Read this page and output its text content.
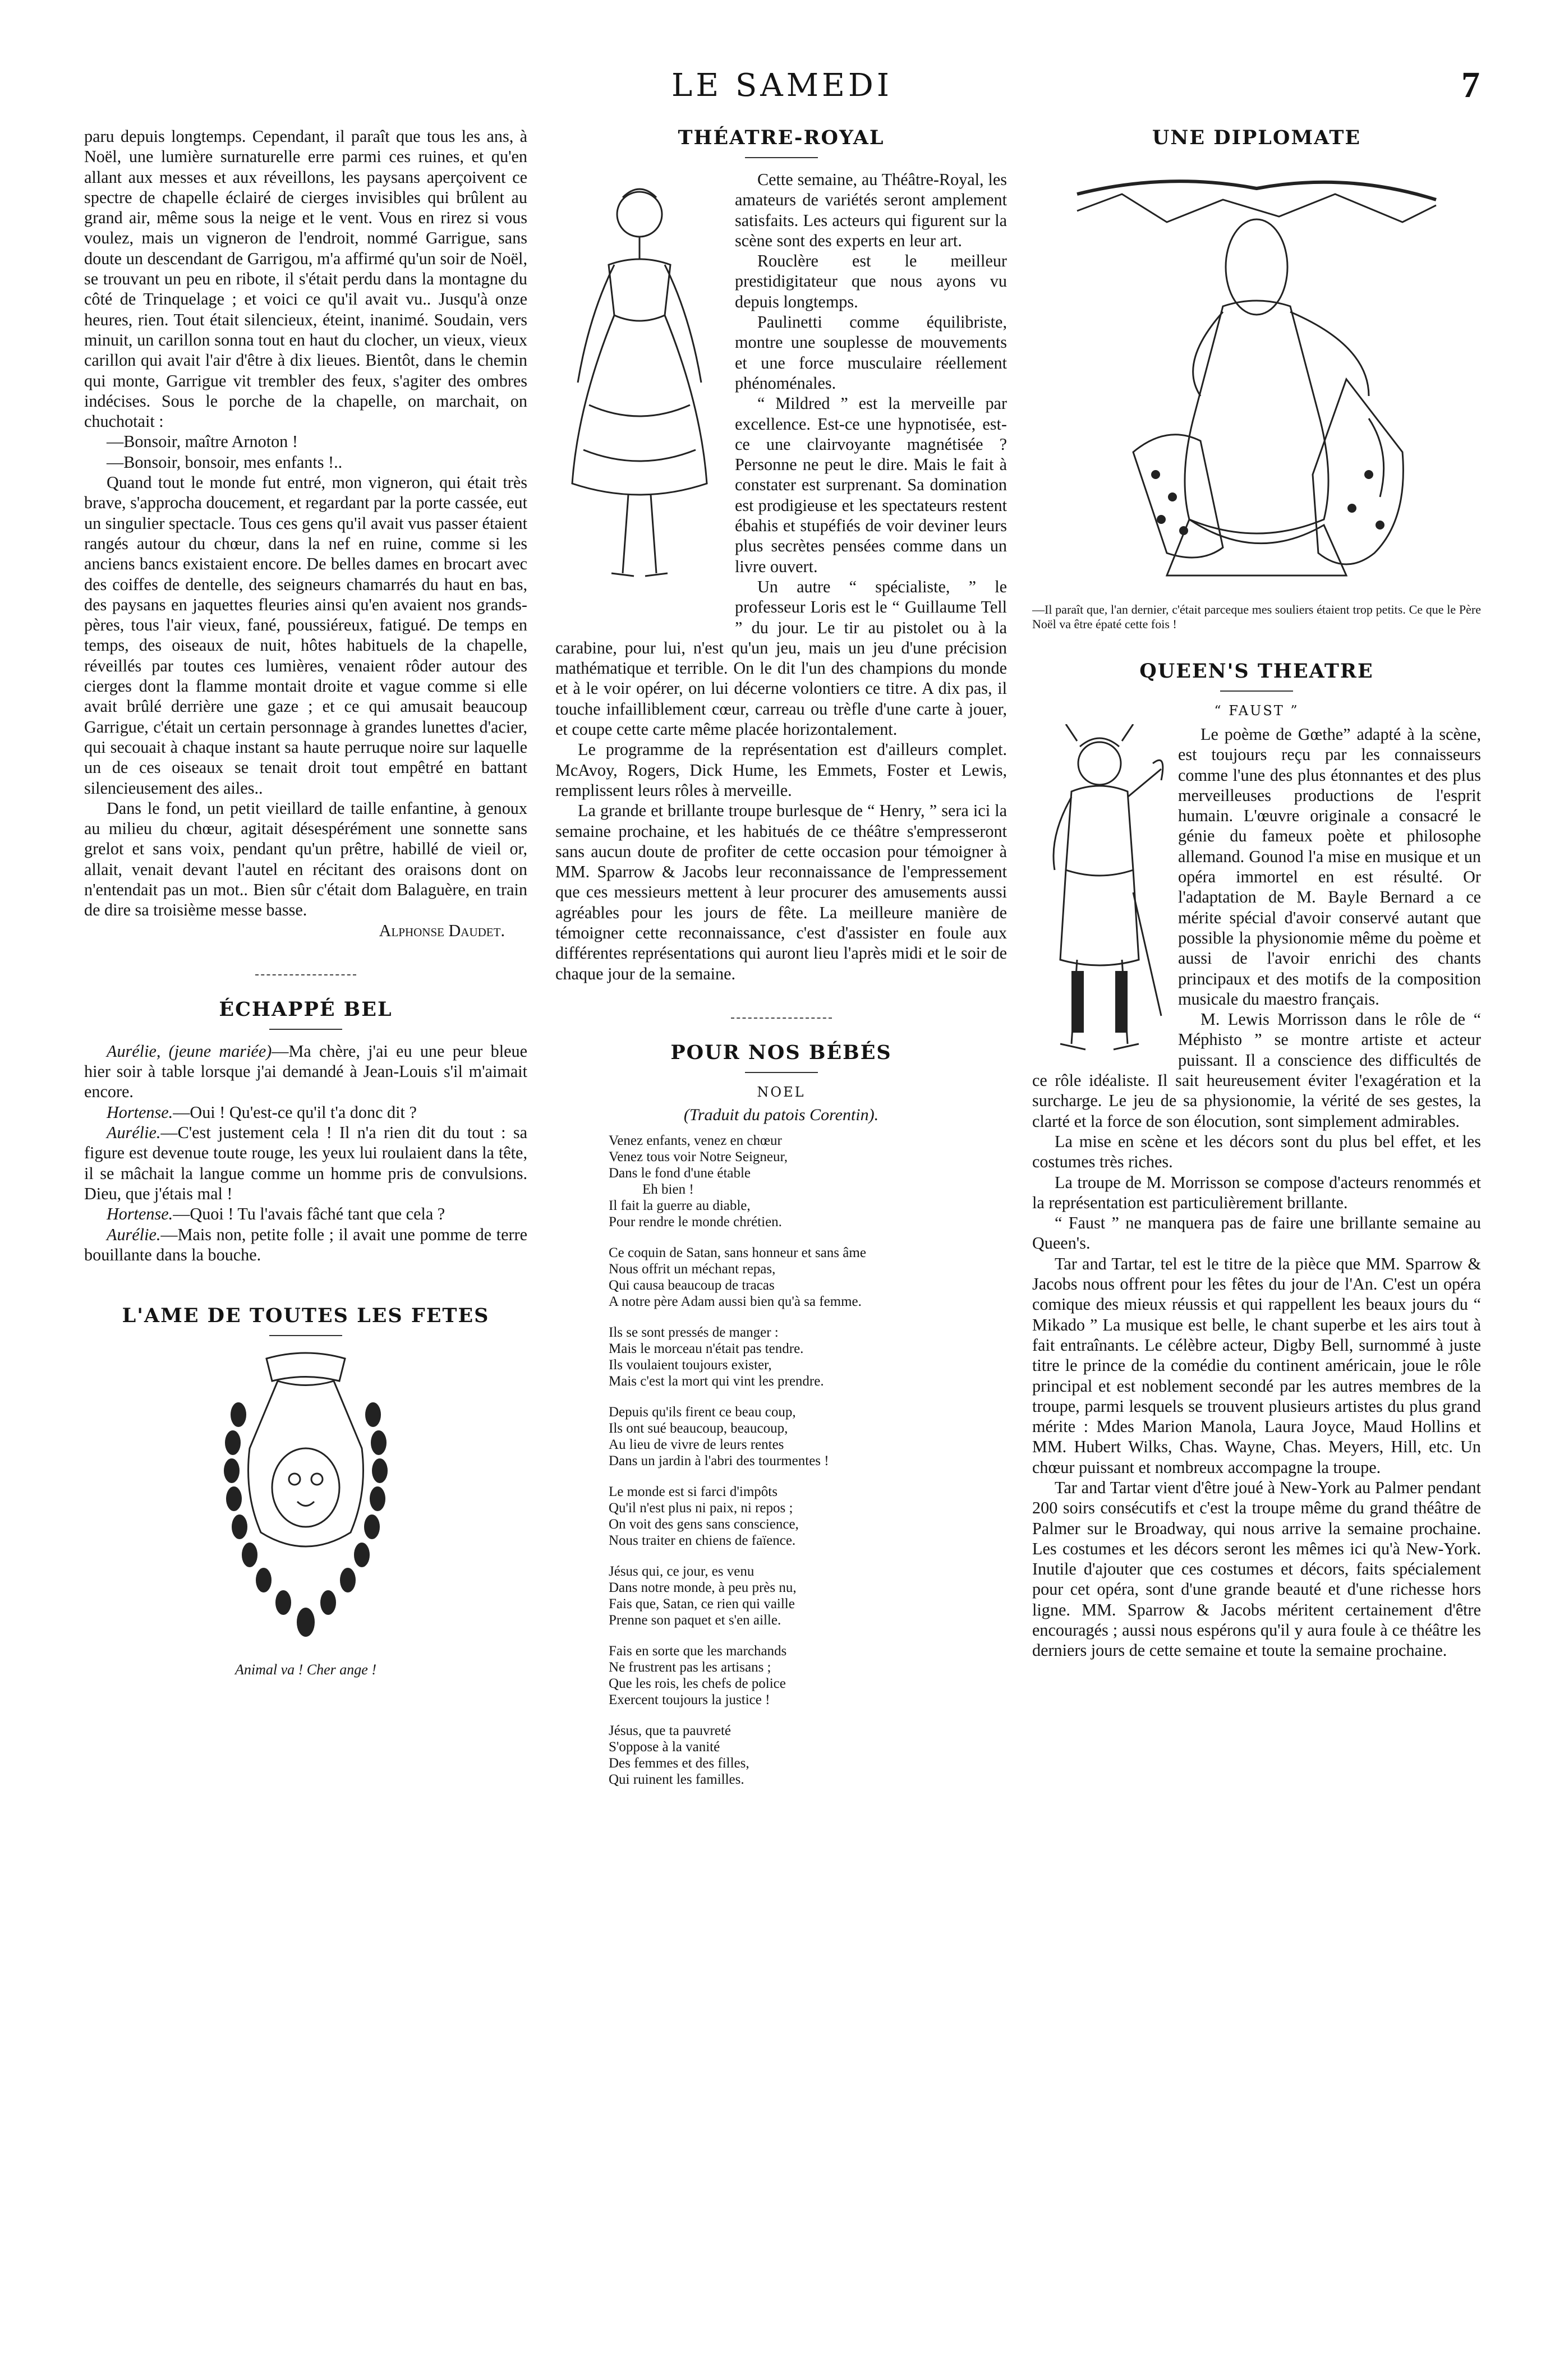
LE SAMEDI	7

paru depuis longtemps. Cependant, il paraît que tous les ans, à Noël, une lumière surnaturelle erre parmi ces ruines, et qu'en allant aux messes et aux réveillons, les paysans aperçoivent ce spectre de chapelle éclairé de cierges invisibles qui brûlent au grand air, même sous la neige et le vent. Vous en rirez si vous voulez, mais un vigneron de l'endroit, nommé Garrigue, sans doute un descendant de Garrigou, m'a affirmé qu'un soir de Noël, se trouvant un peu en ribote, il s'était perdu dans la montagne du côté de Trinquelage ; et voici ce qu'il avait vu.. Jusqu'à onze heures, rien. Tout était silencieux, éteint, inanimé. Soudain, vers minuit, un carillon sonna tout en haut du clocher, un vieux, vieux carillon qui avait l'air d'être à dix lieues. Bientôt, dans le chemin qui monte, Garrigue vit trembler des feux, s'agiter des ombres indécises. Sous le porche de la chapelle, on marchait, on chuchotait :

—Bonsoir, maître Arnoton !

—Bonsoir, bonsoir, mes enfants !..

Quand tout le monde fut entré, mon vigneron, qui était très brave, s'approcha doucement, et regardant par la porte cassée, eut un singulier spectacle. Tous ces gens qu'il avait vus passer étaient rangés autour du chœur, dans la nef en ruine, comme si les anciens bancs existaient encore. De belles dames en brocart avec des coiffes de dentelle, des seigneurs chamarrés du haut en bas, des paysans en jaquettes fleuries ainsi qu'en avaient nos grands-pères, tous l'air vieux, fané, poussiéreux, fatigué. De temps en temps, des oiseaux de nuit, hôtes habituels de la chapelle, réveillés par toutes ces lumières, venaient rôder autour des cierges dont la flamme montait droite et vague comme si elle avait brûlé derrière une gaze ; et ce qui amusait beaucoup Garrigue, c'était un certain personnage à grandes lunettes d'acier, qui secouait à chaque instant sa haute perruque noire sur laquelle un de ces oiseaux se tenait droit tout empêtré en battant silencieusement des ailes..

Dans le fond, un petit vieillard de taille enfantine, à genoux au milieu du chœur, agitait désespérément une sonnette sans grelot et sans voix, pendant qu'un prêtre, habillé de vieil or, allait, venait devant l'autel en récitant des oraisons dont on n'entendait pas un mot.. Bien sûr c'était dom Balaguère, en train de dire sa troisième messe basse.

Alphonse Daudet.

ÉCHAPPÉ BEL

Aurélie, (jeune mariée)—Ma chère, j'ai eu une peur bleue hier soir à table lorsque j'ai demandé à Jean-Louis s'il m'aimait encore.

Hortense.—Oui ! Qu'est-ce qu'il t'a donc dit ?

Aurélie.—C'est justement cela ! Il n'a rien dit du tout : sa figure est devenue toute rouge, les yeux lui roulaient dans la tête, il se mâchait la langue comme un homme pris de convulsions. Dieu, que j'étais mal !

Hortense.—Quoi ! Tu l'avais fâché tant que cela ?

Aurélie.—Mais non, petite folle ; il avait une pomme de terre bouillante dans la bouche.

L'AME DE TOUTES LES FETES
Animal va ! Cher ange !
THÉATRE-ROYAL

Cette semaine, au Théâtre-Royal, les amateurs de variétés seront amplement satisfaits. Les acteurs qui figurent sur la scène sont des experts en leur art.

Rouclère est le meilleur prestidigitateur que nous ayons vu depuis longtemps.

Paulinetti comme équilibriste, montre une souplesse de mouvements et une force musculaire réellement phénoménales.

“ Mildred ” est la merveille par excellence. Est-ce une hypnotisée, est-ce une clairvoyante magnétisée ? Personne ne peut le dire. Mais le fait à constater est surprenant. Sa domination est prodigieuse et les spectateurs restent ébahis et stupéfiés de voir deviner leurs plus secrètes pensées comme dans un livre ouvert.

Un autre “ spécialiste, ” le professeur Loris est le “ Guillaume Tell ” du jour. Le tir au pistolet ou à la carabine, pour lui, n'est qu'un jeu, mais un jeu d'une précision mathématique et terrible. On le dit l'un des champions du monde et à le voir opérer, on lui décerne volontiers ce titre. A dix pas, il touche infailliblement cœur, carreau ou trèfle d'une carte à jouer, et coupe cette carte même placée horizontalement.

Le programme de la représentation est d'ailleurs complet. McAvoy, Rogers, Dick Hume, les Emmets, Foster et Lewis, remplissent leurs rôles à merveille.

La grande et brillante troupe burlesque de “ Henry, ” sera ici la semaine prochaine, et les habitués de ce théâtre s'empresseront sans aucun doute de profiter de cette occasion pour témoigner à MM. Sparrow & Jacobs leur reconnaissance de l'empressement que ces messieurs mettent à leur procurer des amusements aussi agréables pour les jours de fête. La meilleure manière de témoigner cette reconnaissance, c'est d'assister en foule aux différentes représentations qui auront lieu l'après midi et le soir de chaque jour de la semaine.

POUR NOS BÉBÉS
NOEL
(Traduit du patois Corentin).
Venez enfants, venez en chœur
Venez tous voir Notre Seigneur,
Dans le fond d'une étable
Eh bien !
Il fait la guerre au diable,
Pour rendre le monde chrétien.
Ce coquin de Satan, sans honneur et sans âme
Nous offrit un méchant repas,
Qui causa beaucoup de tracas
A notre père Adam aussi bien qu'à sa femme.
Ils se sont pressés de manger :
Mais le morceau n'était pas tendre.
Ils voulaient toujours exister,
Mais c'est la mort qui vint les prendre.
Depuis qu'ils firent ce beau coup,
Ils ont sué beaucoup, beaucoup,
Au lieu de vivre de leurs rentes
Dans un jardin à l'abri des tourmentes !
Le monde est si farci d'impôts
Qu'il n'est plus ni paix, ni repos ;
On voit des gens sans conscience,
Nous traiter en chiens de faïence.
Jésus qui, ce jour, es venu
Dans notre monde, à peu près nu,
Fais que, Satan, ce rien qui vaille
Prenne son paquet et s'en aille.
Fais en sorte que les marchands
Ne frustrent pas les artisans ;
Que les rois, les chefs de police
Exercent toujours la justice !
Jésus, que ta pauvreté
S'oppose à la vanité
Des femmes et des filles,
Qui ruinent les familles.
UNE DIPLOMATE
—Il paraît que, l'an dernier, c'était parceque mes souliers étaient trop petits. Ce que le Père Noël va être épaté cette fois !
QUEEN'S THEATRE
“ FAUST ”

Le poème de Gœthe” adapté à la scène, est toujours reçu par les connaisseurs comme l'une des plus étonnantes et des plus merveilleuses productions de l'esprit humain. L'œuvre originale a consacré le génie du fameux poète et philosophe allemand. Gounod l'a mise en musique et un opéra immortel en est résulté. Or l'adaptation de M. Bayle Bernard a ce mérite spécial d'avoir conservé autant que possible la physionomie même du poème et aussi de l'avoir enrichi des chants principaux et des motifs de la composition musicale du maestro français.

M. Lewis Morrisson dans le rôle de “ Méphisto ” se montre artiste et acteur puissant. Il a conscience des difficultés de ce rôle idéaliste. Il sait heureusement éviter l'exagération et la surcharge. Le jeu de sa physionomie, la vérité de ses gestes, la clarté et la force de son élocution, sont simplement admirables.

La mise en scène et les décors sont du plus bel effet, et les costumes très riches.

La troupe de M. Morrisson se compose d'acteurs renommés et la représentation est particulièrement brillante.

“ Faust ” ne manquera pas de faire une brillante semaine au Queen's.

Tar and Tartar, tel est le titre de la pièce que MM. Sparrow & Jacobs nous offrent pour les fêtes du jour de l'An. C'est un opéra comique des mieux réussis et qui rappellent les beaux jours du “ Mikado ” La musique est belle, le chant superbe et les airs tout à fait entraînants. Le célèbre acteur, Digby Bell, surnommé à juste titre le prince de la comédie du continent américain, joue le rôle principal et est noblement secondé par les autres membres de la troupe, parmi lesquels se trouvent plusieurs artistes du plus grand mérite : Mdes Marion Manola, Laura Joyce, Maud Hollins et MM. Hubert Wilks, Chas. Wayne, Chas. Meyers, Hill, etc. Un chœur puissant et nombreux accompagne la troupe.

Tar and Tartar vient d'être joué à New-York au Palmer pendant 200 soirs consécutifs et c'est la troupe même du grand théâtre de Palmer sur le Broadway, qui nous arrive la semaine prochaine. Les costumes et les décors seront les mêmes ici qu'à New-York. Inutile d'ajouter que ces costumes et décors, faits spécialement pour cet opéra, sont d'une grande beauté et d'une richesse hors ligne. MM. Sparrow & Jacobs méritent certainement d'être encouragés ; aussi nous espérons qu'il y aura foule à ce théâtre les derniers jours de cette semaine et toute la semaine prochaine.
